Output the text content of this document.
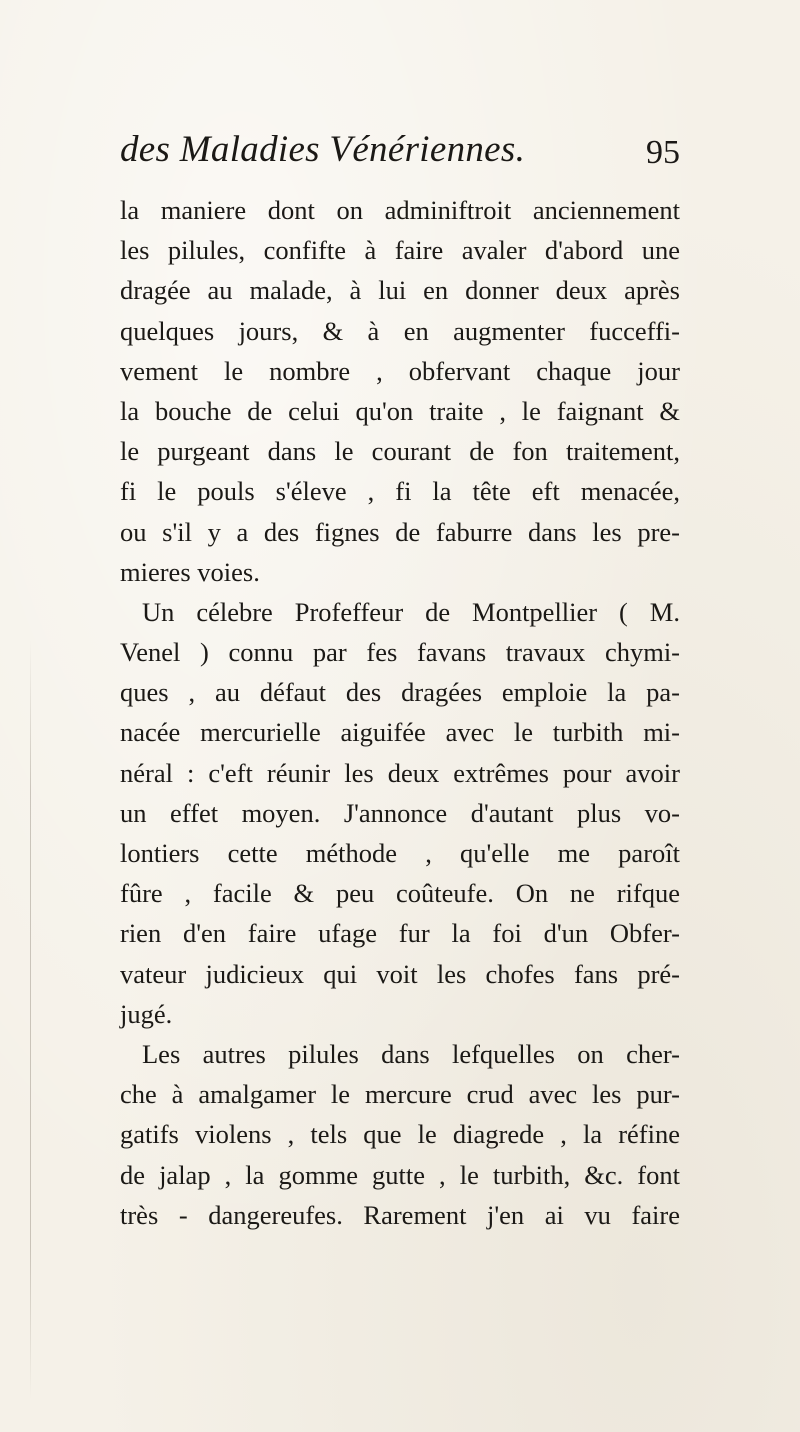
des Maladies Vénériennes.	95
la maniere dont on adminiftroit anciennement
les pilules, confifte à faire avaler d'abord une
dragée au malade, à lui en donner deux après
quelques jours, & à en augmenter fucceffi-
vement le nombre , obfervant chaque jour
la bouche de celui qu'on traite , le faignant &
le purgeant dans le courant de fon traitement,
fi le pouls s'éleve , fi la tête eft menacée,
ou s'il y a des fignes de faburre dans les pre-
mieres voies.
Un célebre Profeffeur de Montpellier ( M.
Venel ) connu par fes favans travaux chymi-
ques , au défaut des dragées emploie la pa-
nacée mercurielle aiguifée avec le turbith mi-
néral : c'eft réunir les deux extrêmes pour avoir
un effet moyen. J'annonce d'autant plus vo-
lontiers cette méthode , qu'elle me paroît
fûre , facile & peu coûteufe. On ne rifque
rien d'en faire ufage fur la foi d'un Obfer-
vateur judicieux qui voit les chofes fans pré-
jugé.
Les autres pilules dans lefquelles on cher-
che à amalgamer le mercure crud avec les pur-
gatifs violens , tels que le diagrede , la réfine
de jalap , la gomme gutte , le turbith, &c. font
très - dangereufes. Rarement j'en ai vu faire
